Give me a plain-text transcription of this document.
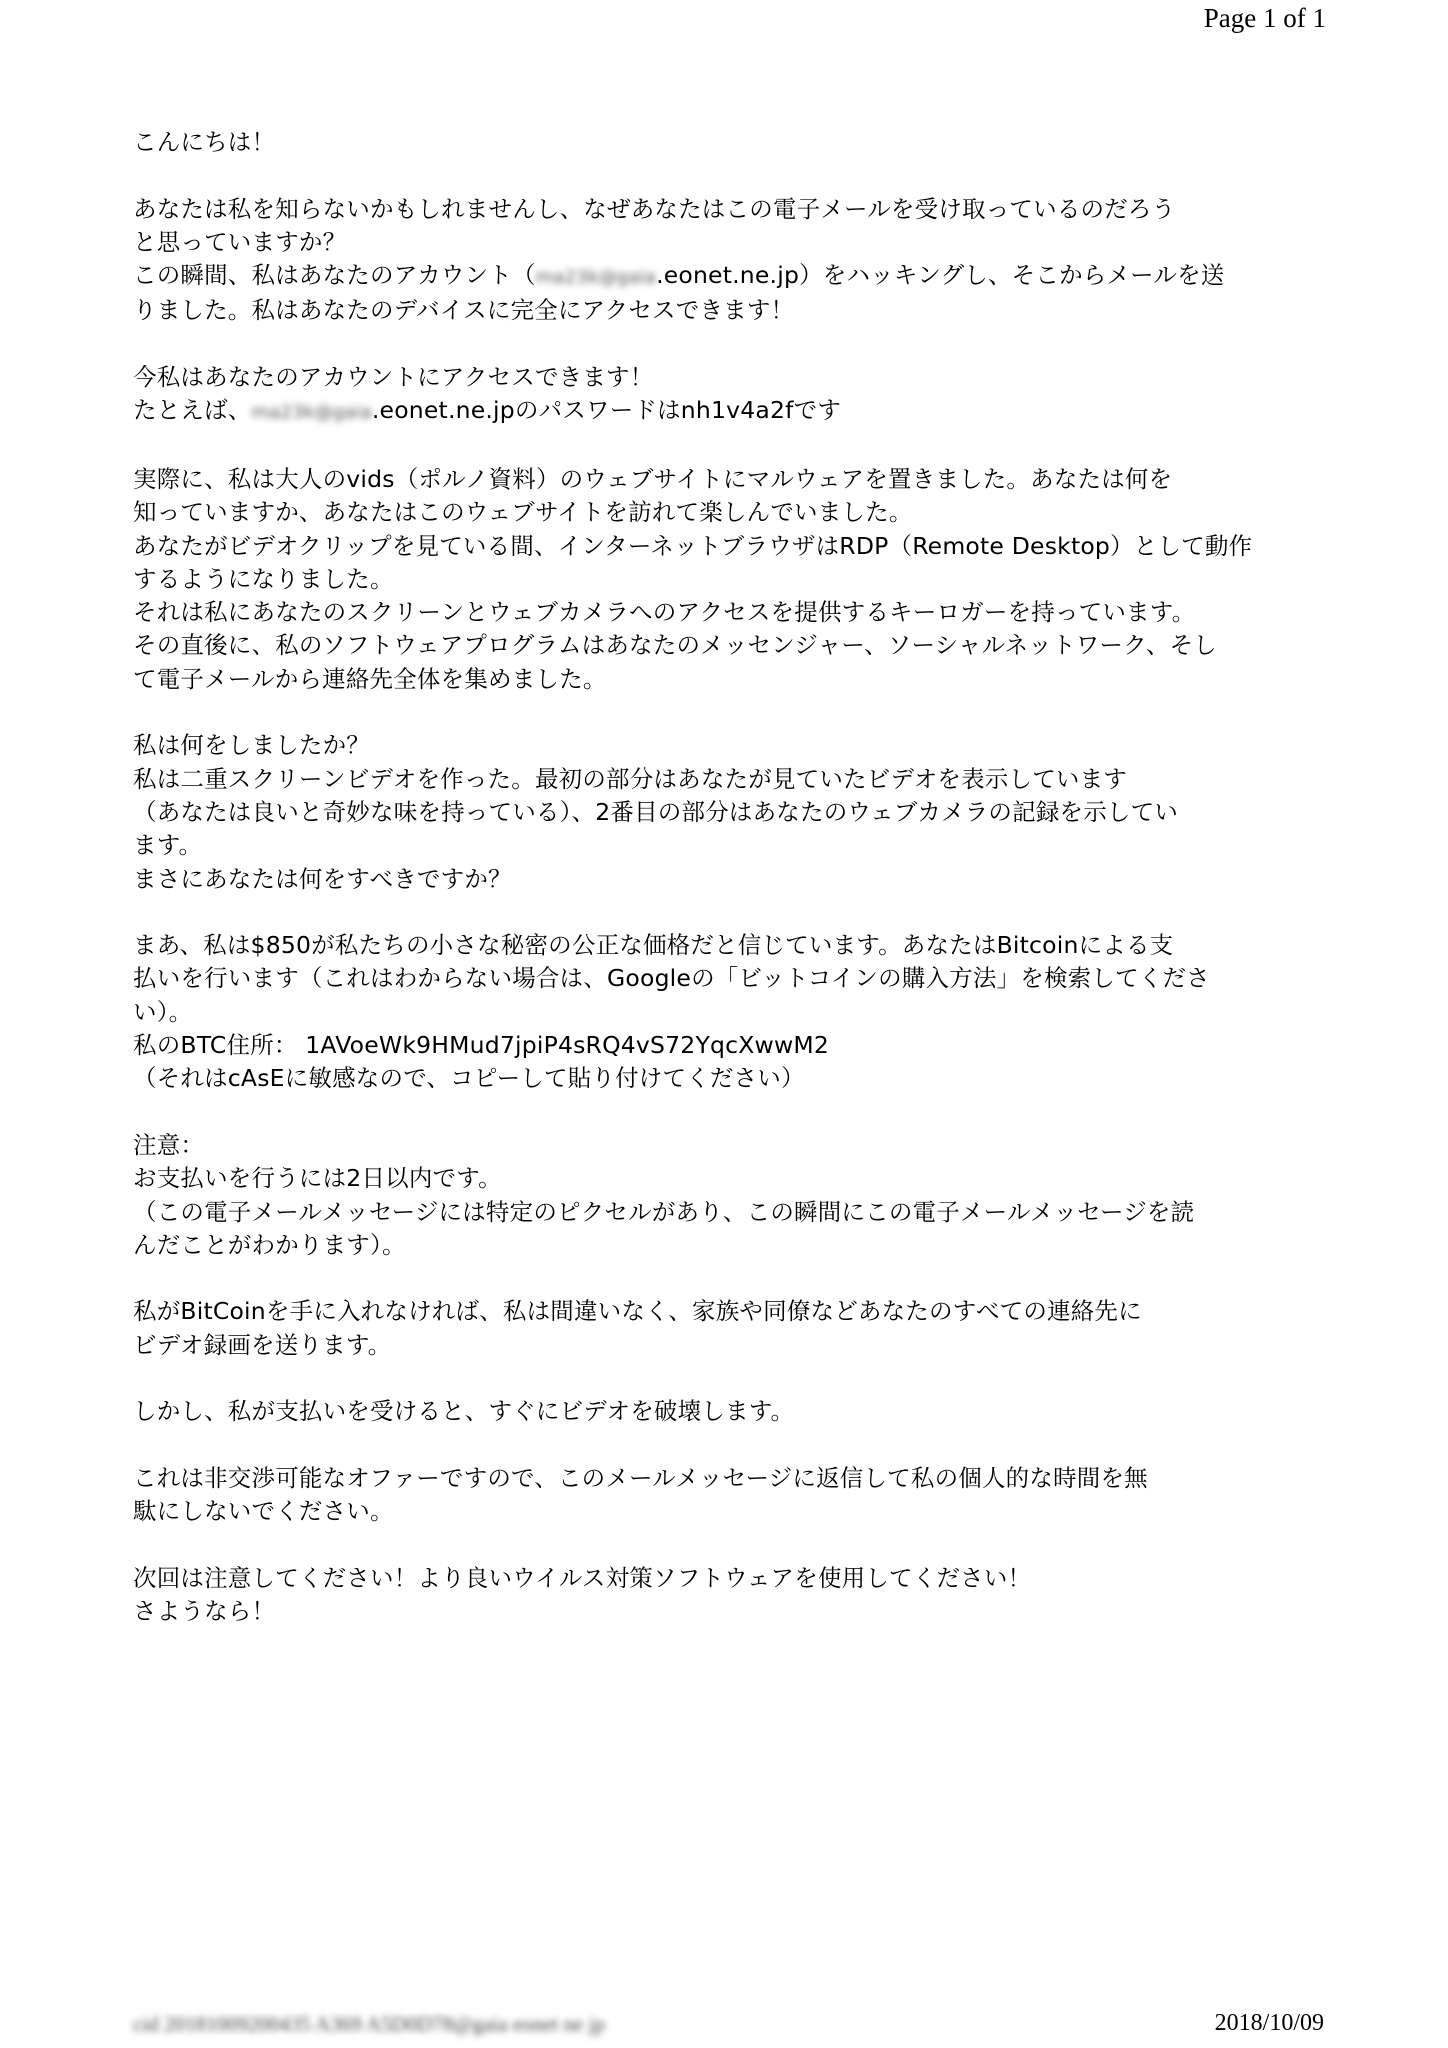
Page 1 of 1
こんにちは！
あなたは私を知らないかもしれませんし、なぜあなたはこの電子メールを受け取っているのだろう
と思っていますか？
この瞬間、私はあなたのアカウント（ma23k@gaia.eonet.ne.jp）をハッキングし、そこからメールを送
りました。私はあなたのデバイスに完全にアクセスできます！
今私はあなたのアカウントにアクセスできます！
たとえば、ma23k@gaia.eonet.ne.jpのパスワードはnh1v4a2fです
実際に、私は大人のvids（ポルノ資料）のウェブサイトにマルウェアを置きました。あなたは何を
知っていますか、あなたはこのウェブサイトを訪れて楽しんでいました。
あなたがビデオクリップを見ている間、インターネットブラウザはRDP（Remote Desktop）として動作
するようになりました。
それは私にあなたのスクリーンとウェブカメラへのアクセスを提供するキーロガーを持っています。
その直後に、私のソフトウェアプログラムはあなたのメッセンジャー、ソーシャルネットワーク、そし
て電子メールから連絡先全体を集めました。
私は何をしましたか？
私は二重スクリーンビデオを作った。最初の部分はあなたが見ていたビデオを表示しています
（あなたは良いと奇妙な味を持っている）、2番目の部分はあなたのウェブカメラの記録を示してい
ます。
まさにあなたは何をすべきですか？
まあ、私は$850が私たちの小さな秘密の公正な価格だと信じています。あなたはBitcoinによる支
払いを行います（これはわからない場合は、Googleの「ビットコインの購入方法」を検索してくださ
い）。
私のBTC住所： 1AVoeWk9HMud7jpiP4sRQ4vS72YqcXwwM2
（それはcAsEに敏感なので、コピーして貼り付けてください）
注意：
お支払いを行うには2日以内です。
（この電子メールメッセージには特定のピクセルがあり、この瞬間にこの電子メールメッセージを読
んだことがわかります）。
私がBitCoinを手に入れなければ、私は間違いなく、家族や同僚などあなたのすべての連絡先に
ビデオ録画を送ります。
しかし、私が支払いを受けると、すぐにビデオを破壊します。
これは非交渉可能なオファーですので、このメールメッセージに返信して私の個人的な時間を無
駄にしないでください。
次回は注意してください！より良いウイルス対策ソフトウェアを使用してください！
さようなら！
cid 20181009200435 A369 A5D0D78@gaia eonet ne jp	2018/10/09
